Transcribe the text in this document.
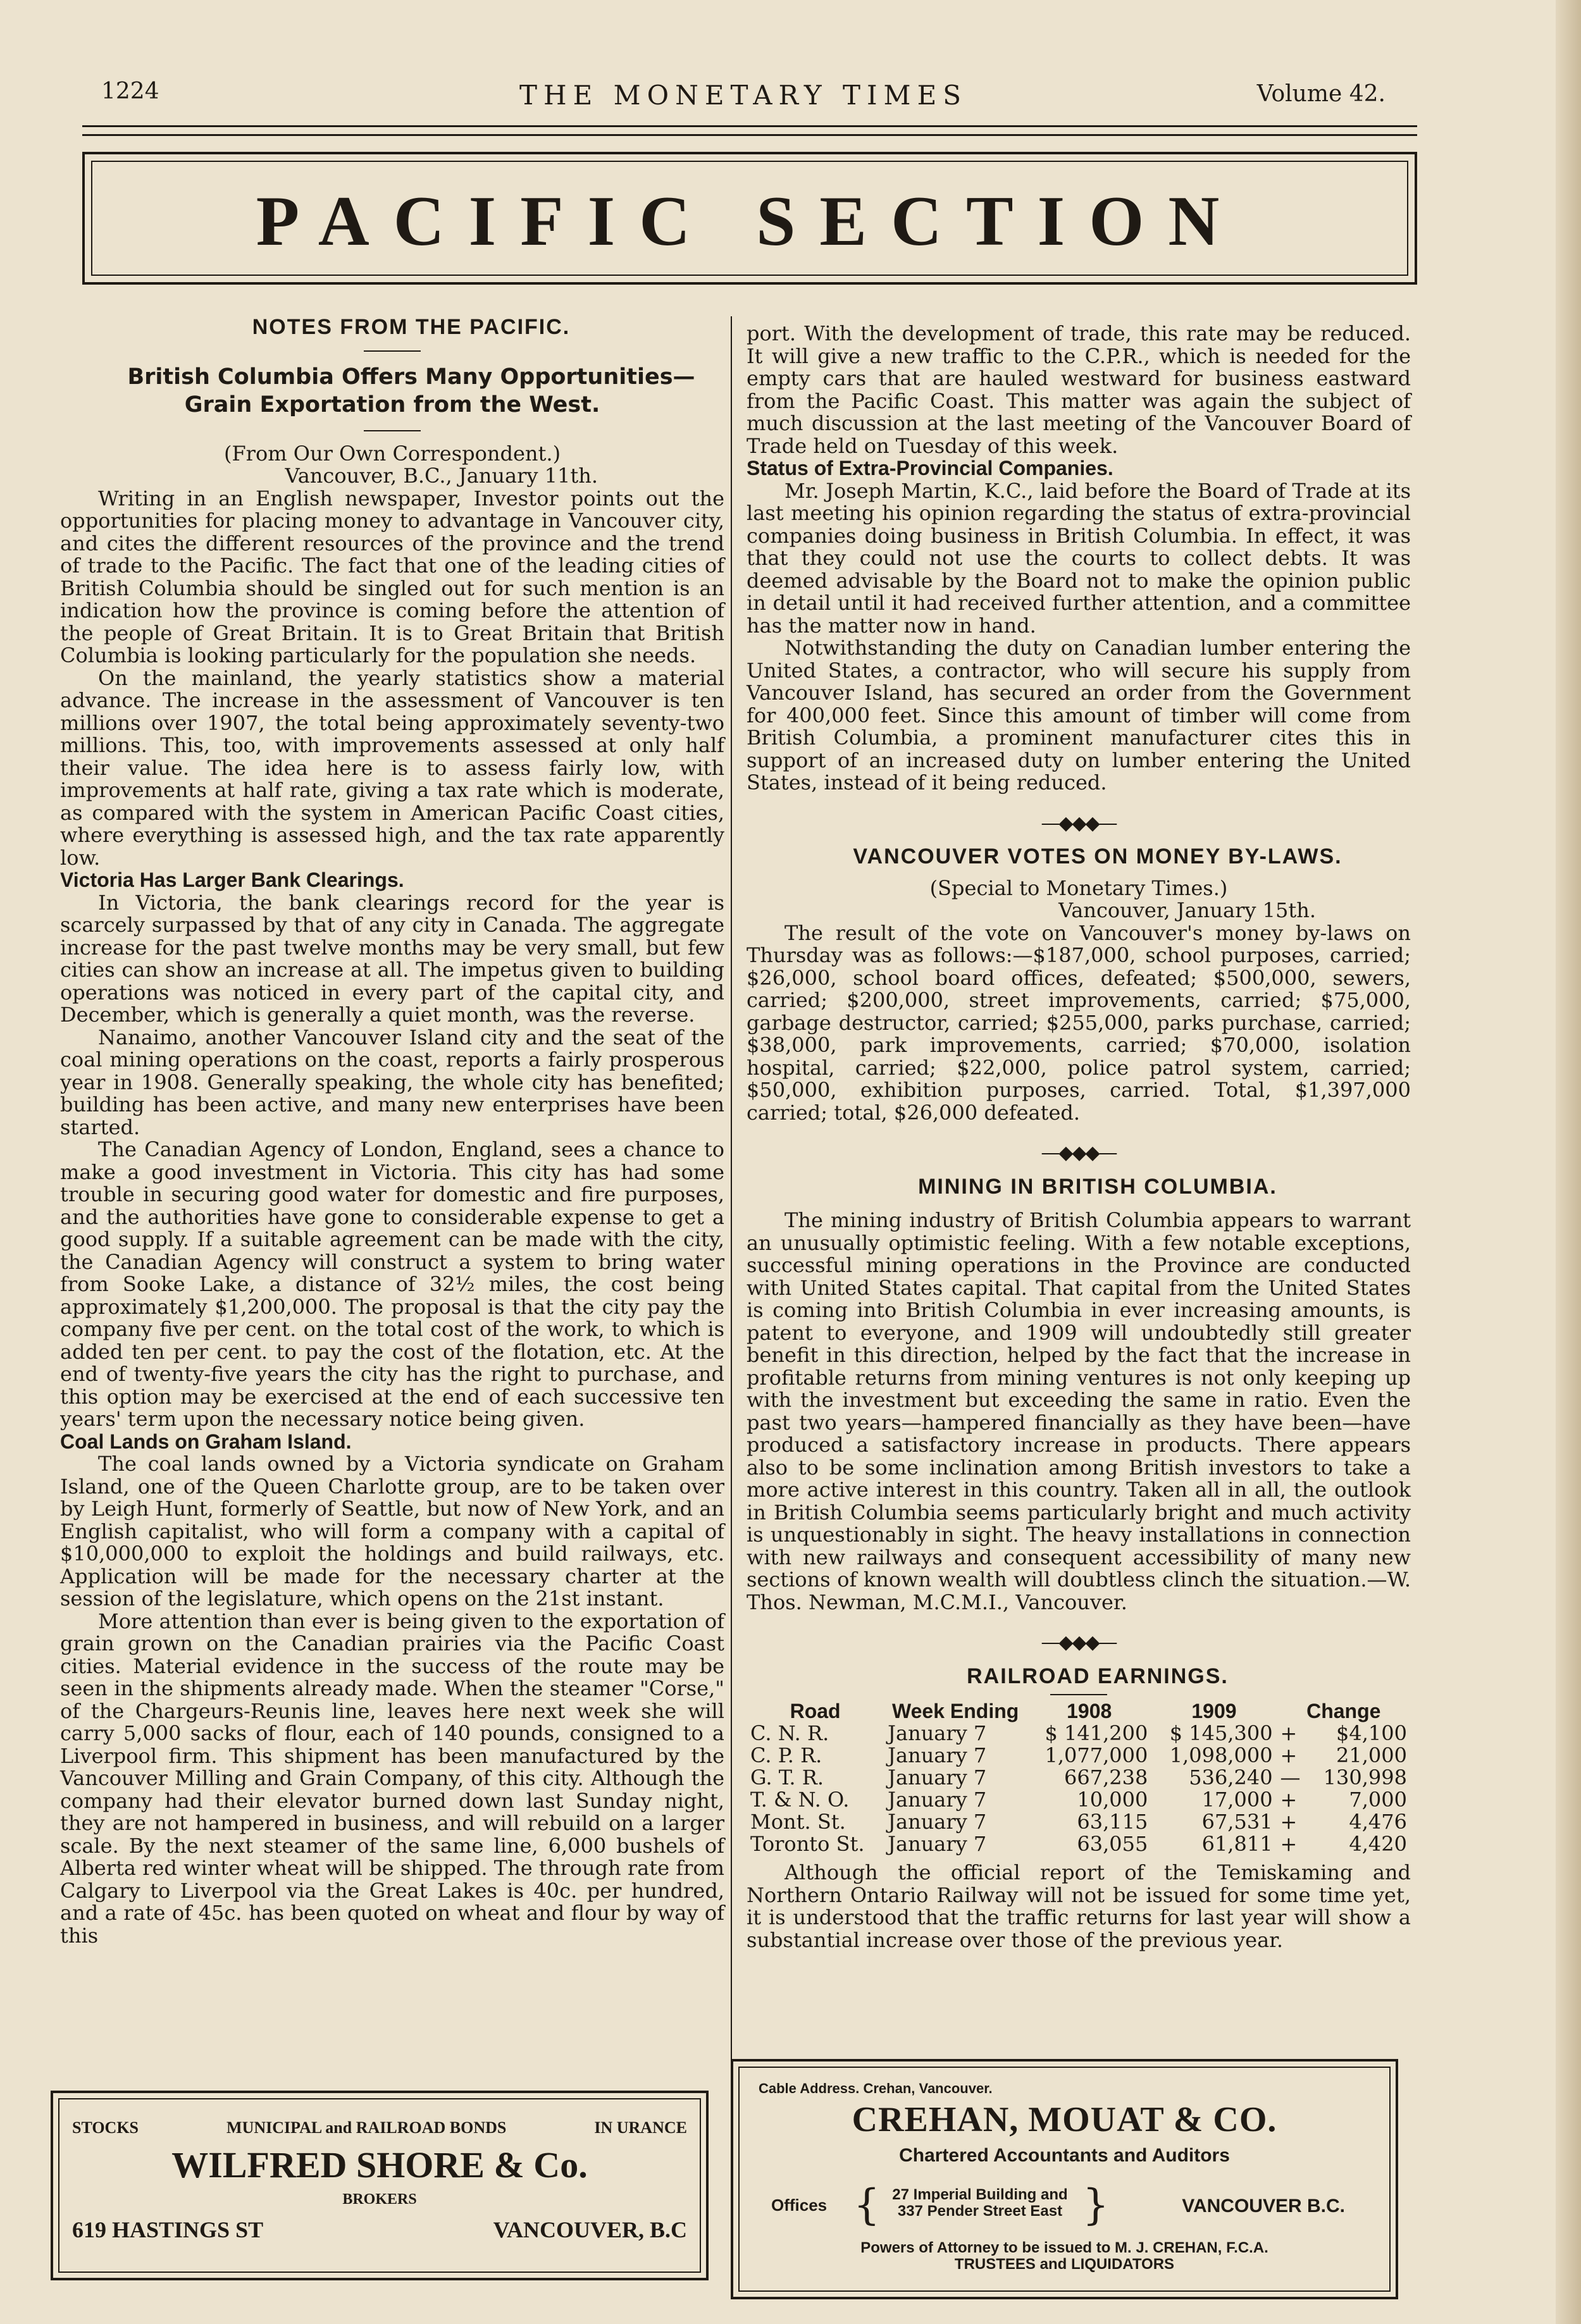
1224	THE MONETARY TIMES	Volume 42.
PACIFIC SECTION

NOTES FROM THE PACIFIC.

British Columbia Offers Many Opportunities—Grain Exportation from the West.

(From Our Own Correspondent.)

Vancouver, B.C., January 11th.

Writing in an English newspaper, Investor points out the opportunities for placing money to advantage in Vancouver city, and cites the different resources of the province and the trend of trade to the Pacific. The fact that one of the leading cities of British Columbia should be singled out for such mention is an indication how the province is coming before the attention of the people of Great Britain. It is to Great Britain that British Columbia is looking particularly for the population she needs.

On the mainland, the yearly statistics show a material advance. The increase in the assessment of Vancouver is ten millions over 1907, the total being approximately seventy-two millions. This, too, with improvements assessed at only half their value. The idea here is to assess fairly low, with improvements at half rate, giving a tax rate which is moderate, as compared with the system in American Pacific Coast cities, where everything is assessed high, and the tax rate apparently low.

Victoria Has Larger Bank Clearings.

In Victoria, the bank clearings record for the year is scarcely surpassed by that of any city in Canada. The aggregate increase for the past twelve months may be very small, but few cities can show an increase at all. The impetus given to building operations was noticed in every part of the capital city, and December, which is generally a quiet month, was the reverse.

Nanaimo, another Vancouver Island city and the seat of the coal mining operations on the coast, reports a fairly prosperous year in 1908. Generally speaking, the whole city has benefited; building has been active, and many new enterprises have been started.

The Canadian Agency of London, England, sees a chance to make a good investment in Victoria. This city has had some trouble in securing good water for domestic and fire purposes, and the authorities have gone to considerable expense to get a good supply. If a suitable agreement can be made with the city, the Canadian Agency will construct a system to bring water from Sooke Lake, a distance of 32½ miles, the cost being approximately $1,200,000. The proposal is that the city pay the company five per cent. on the total cost of the work, to which is added ten per cent. to pay the cost of the flotation, etc. At the end of twenty-five years the city has the right to purchase, and this option may be exercised at the end of each successive ten years' term upon the necessary notice being given.

Coal Lands on Graham Island.

The coal lands owned by a Victoria syndicate on Graham Island, one of the Queen Charlotte group, are to be taken over by Leigh Hunt, formerly of Seattle, but now of New York, and an English capitalist, who will form a company with a capital of $10,000,000 to exploit the holdings and build railways, etc. Application will be made for the necessary charter at the session of the legislature, which opens on the 21st instant.

More attention than ever is being given to the exportation of grain grown on the Canadian prairies via the Pacific Coast cities. Material evidence in the success of the route may be seen in the shipments already made. When the steamer "Corse," of the Chargeurs-Reunis line, leaves here next week she will carry 5,000 sacks of flour, each of 140 pounds, consigned to a Liverpool firm. This shipment has been manufactured by the Vancouver Milling and Grain Company, of this city. Although the company had their elevator burned down last Sunday night, they are not hampered in business, and will rebuild on a larger scale. By the next steamer of the same line, 6,000 bushels of Alberta red winter wheat will be shipped. The through rate from Calgary to Liverpool via the Great Lakes is 40c. per hundred, and a rate of 45c. has been quoted on wheat and flour by way of this

port. With the development of trade, this rate may be reduced. It will give a new traffic to the C.P.R., which is needed for the empty cars that are hauled westward for business eastward from the Pacific Coast. This matter was again the subject of much discussion at the last meeting of the Vancouver Board of Trade held on Tuesday of this week.

Status of Extra-Provincial Companies.

Mr. Joseph Martin, K.C., laid before the Board of Trade at its last meeting his opinion regarding the status of extra-provincial companies doing business in British Columbia. In effect, it was that they could not use the courts to collect debts. It was deemed advisable by the Board not to make the opinion public in detail until it had received further attention, and a committee has the matter now in hand.

Notwithstanding the duty on Canadian lumber entering the United States, a contractor, who will secure his supply from Vancouver Island, has secured an order from the Government for 400,000 feet. Since this amount of timber will come from British Columbia, a prominent manufacturer cites this in support of an increased duty on lumber entering the United States, instead of it being reduced.

—◆◆◆—

VANCOUVER VOTES ON MONEY BY-LAWS.

(Special to Monetary Times.)

Vancouver, January 15th.

The result of the vote on Vancouver's money by-laws on Thursday was as follows:—$187,000, school purposes, carried; $26,000, school board offices, defeated; $500,000, sewers, carried; $200,000, street improvements, carried; $75,000, garbage destructor, carried; $255,000, parks purchase, carried; $38,000, park improvements, carried; $70,000, isolation hospital, carried; $22,000, police patrol system, carried; $50,000, exhibition purposes, carried. Total, $1,397,000 carried; total, $26,000 defeated.

—◆◆◆—

MINING IN BRITISH COLUMBIA.

The mining industry of British Columbia appears to warrant an unusually optimistic feeling. With a few notable exceptions, successful mining operations in the Province are conducted with United States capital. That capital from the United States is coming into British Columbia in ever increasing amounts, is patent to everyone, and 1909 will undoubtedly still greater benefit in this direction, helped by the fact that the increase in profitable returns from mining ventures is not only keeping up with the investment but exceeding the same in ratio. Even the past two years—hampered financially as they have been—have produced a satisfactory increase in products. There appears also to be some inclination among British investors to take a more active interest in this country. Taken all in all, the outlook in British Columbia seems particularly bright and much activity is unquestionably in sight. The heavy installations in connection with new railways and consequent accessibility of many new sections of known wealth will doubtless clinch the situation.—W. Thos. Newman, M.C.M.I., Vancouver.

—◆◆◆—

RAILROAD EARNINGS.

Road	Week Ending	1908	1909	Change	
C. N. R.	January 7	$ 141,200	$ 145,300	+	$4,100
C. P. R.	January 7	1,077,000	1,098,000	+	21,000
G. T. R.	January 7	667,238	536,240	—	130,998
T. & N. O.	January 7	10,000	17,000	+	7,000
Mont. St.	January 7	63,115	67,531	+	4,476
Toronto St.	January 7	63,055	61,811	+	4,420

Although the official report of the Temiskaming and Northern Ontario Railway will not be issued for some time yet, it is understood that the traffic returns for last year will show a substantial increase over those of the previous year.

STOCKS	MUNICIPAL and RAILROAD BONDS	IN URANCE
WILFRED SHORE & Co.
BROKERS
619 HASTINGS ST	VANCOUVER, B.C
Cable Address. Crehan, Vancouver.
CREHAN, MOUAT & CO.
Chartered Accountants and Auditors
Offices { 27 Imperial Building and
337 Pender Street East }	VANCOUVER B.C.
Powers of Attorney to be issued to M. J. CREHAN, F.C.A.
TRUSTEES and LIQUIDATORS
